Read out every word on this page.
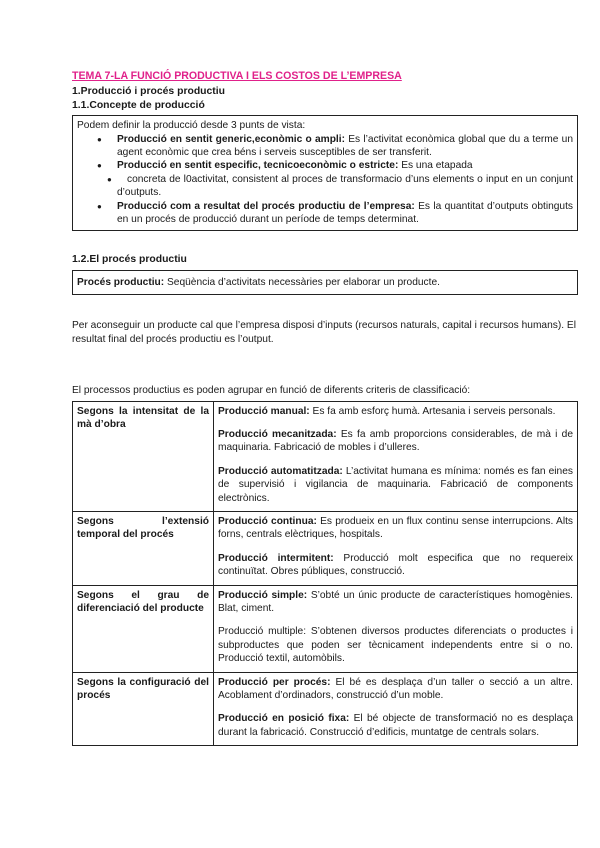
TEMA 7-LA FUNCIÓ PRODUCTIVA I ELS COSTOS DE L’EMPRESA
1.Producció i procés productiu
1.1.Concepte de producció

Podem definir la producció desde 3 punts de vista:

● Producció en sentit generic,econòmic o ampli: Es l’activitat econòmica global que du a terme un agent econòmic que crea béns i serveis susceptibles de ser transferit.
● Producció en sentit especific, tecnicoeconòmic o estricte: Es una etapada
● concreta de l0activitat, consistent al proces de transformacio d’uns elements o input en un conjunt d’outputs.
● Producció com a resultat del procés productiu de l’empresa: Es la quantitat d’outputs obtinguts en un procés de producció durant un període de temps determinat.
1.2.El procés productiu
Procés productiu: Seqüència d’activitats necessàries per elaborar un producte.

Per aconseguir un producte cal que l’empresa disposi d’inputs (recursos naturals, capital i recursos humans). El resultat final del procés productiu es l’output.

El processos productius es poden agrupar en funció de diferents criteris de classificació:

Segons la intensitat de la mà d’obra	Producció manual: Es fa amb esforç humà. Artesania i serveis personals.

Producció mecanitzada: Es fa amb proporcions considerables, de mà i de maquinaria. Fabricació de mobles i d’ulleres.

Producció automatitzada: L’activitat humana es mínima: només es fan eines de supervisió i vigilancia de maquinaria. Fabricació de components electrònics.

Segons l’extensió temporal del procés	Producció continua: Es produeix en un flux continu sense interrupcions. Alts forns, centrals elèctriques, hospitals.

Producció intermitent: Producció molt especifica que no requereix continuïtat. Obres públiques, construcció.

Segons el grau de diferenciació del producte	Producció simple: S’obté un únic producte de característiques homogènies. Blat, ciment.

Producció multiple: S’obtenen diversos productes diferenciats o productes i subproductes que poden ser tècnicament independents entre si o no. Producció textil, automòbils.

Segons la configuració del procés	Producció per procés: El bé es desplaça d’un taller o secció a un altre. Acoblament d’ordinadors, construcció d’un moble.

Producció en posició fixa: El bé objecte de transformació no es desplaça durant la fabricació. Construcció d’edificis, muntatge de centrals solars.
